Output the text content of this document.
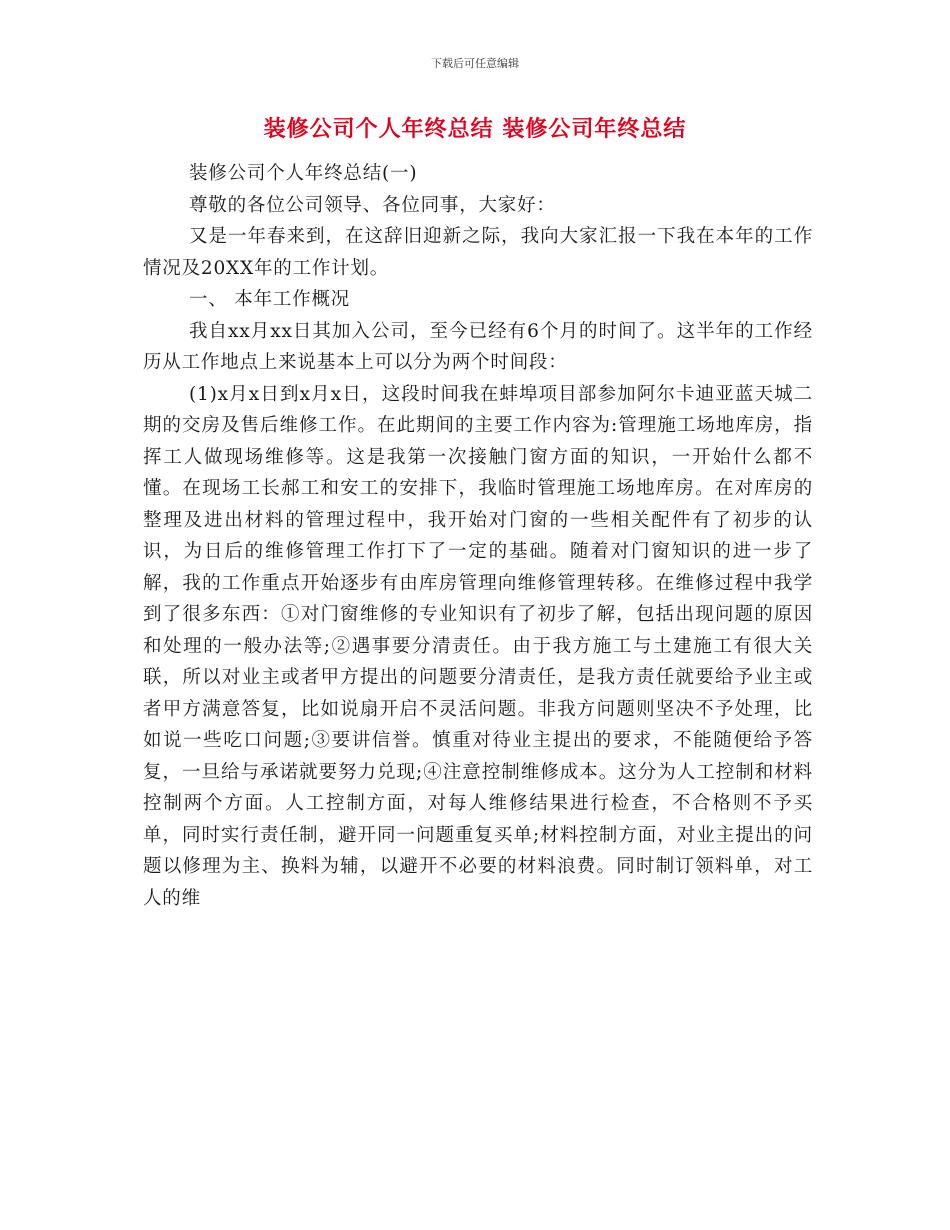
下载后可任意编辑
装修公司个人年终总结 装修公司年终总结

装修公司个人年终总结(一)

尊敬的各位公司领导、各位同事，大家好：

又是一年春来到，在这辞旧迎新之际，我向大家汇报一下我在本年的工作情况及20XX年的工作计划。

一、 本年工作概况

我自xx月xx日其加入公司，至今已经有6个月的时间了。这半年的工作经历从工作地点上来说基本上可以分为两个时间段：

(1)x月x日到x月x日，这段时间我在蚌埠项目部参加阿尔卡迪亚蓝天城二期的交房及售后维修工作。在此期间的主要工作内容为:管理施工场地库房，指挥工人做现场维修等。这是我第一次接触门窗方面的知识，一开始什么都不懂。在现场工长郝工和安工的安排下，我临时管理施工场地库房。在对库房的整理及进出材料的管理过程中，我开始对门窗的一些相关配件有了初步的认识，为日后的维修管理工作打下了一定的基础。随着对门窗知识的进一步了解，我的工作重点开始逐步有由库房管理向维修管理转移。在维修过程中我学到了很多东西：①对门窗维修的专业知识有了初步了解，包括出现问题的原因和处理的一般办法等;②遇事要分清责任。由于我方施工与土建施工有很大关联，所以对业主或者甲方提出的问题要分清责任，是我方责任就要给予业主或者甲方满意答复，比如说扇开启不灵活问题。非我方问题则坚决不予处理，比如说一些吃口问题;③要讲信誉。慎重对待业主提出的要求，不能随便给予答复，一旦给与承诺就要努力兑现;④注意控制维修成本。这分为人工控制和材料控制两个方面。人工控制方面，对每人维修结果进行检查，不合格则不予买单，同时实行责任制，避开同一问题重复买单;材料控制方面，对业主提出的问题以修理为主、换料为辅，以避开不必要的材料浪费。同时制订领料单，对工人的维
